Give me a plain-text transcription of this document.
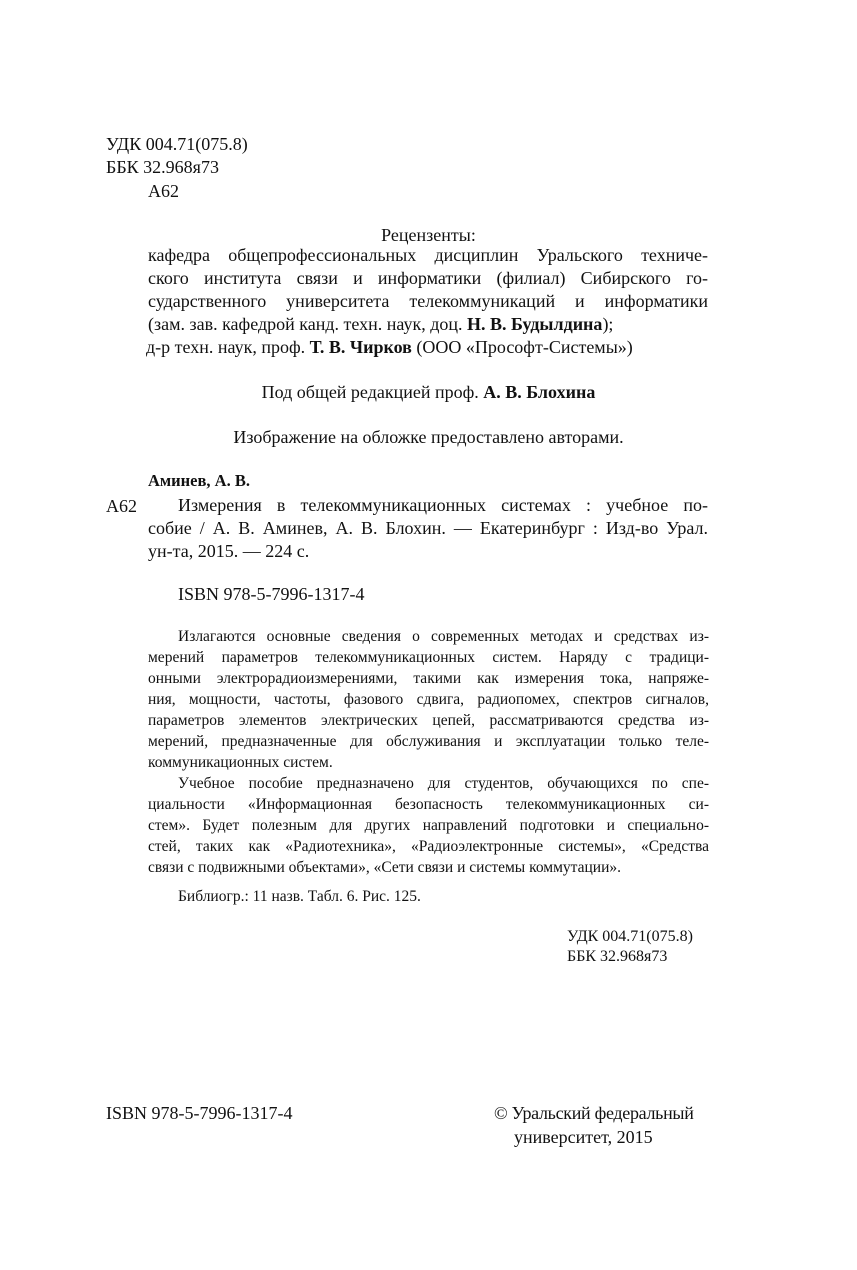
УДК 004.71(075.8)
ББК 32.968я73
А62
Рецензенты:
кафедра общепрофессиональных дисциплин Уральского техниче-
ского института связи и информатики (филиал) Сибирского го-
сударственного университета телекоммуникаций и информатики
(зам. зав. кафедрой канд. техн. наук, доц. Н. В. Будылдина);
д-р техн. наук, проф. Т. В. Чирков (ООО «Прософт-Системы»)
Под общей редакцией проф. А. В. Блохина
Изображение на обложке предоставлено авторами.
Аминев, А. В.
А62	Измерения в телекоммуникационных системах : учебное по-
собие / А. В. Аминев, А. В. Блохин. — Екатеринбург : Изд-во Урал.
ун-та, 2015. — 224 с.
ISBN 978-5-7996-1317-4
Излагаются основные сведения о современных методах и средствах из-
мерений параметров телекоммуникационных систем. Наряду с традици-
онными электрорадиоизмерениями, такими как измерения тока, напряже-
ния, мощности, частоты, фазового сдвига, радиопомех, спектров сигналов,
параметров элементов электрических цепей, рассматриваются средства из-
мерений, предназначенные для обслуживания и эксплуатации только теле-
коммуникационных систем.
Учебное пособие предназначено для студентов, обучающихся по спе-
циальности «Информационная безопасность телекоммуникационных си-
стем». Будет полезным для других направлений подготовки и специально-
стей, таких как «Радиотехника», «Радиоэлектронные системы», «Средства
связи с подвижными объектами», «Сети связи и системы коммутации».
Библиогр.: 11 назв. Табл. 6. Рис. 125.
УДК 004.71(075.8)
ББК 32.968я73
ISBN 978-5-7996-1317-4	© Уральский федеральный
университет, 2015
